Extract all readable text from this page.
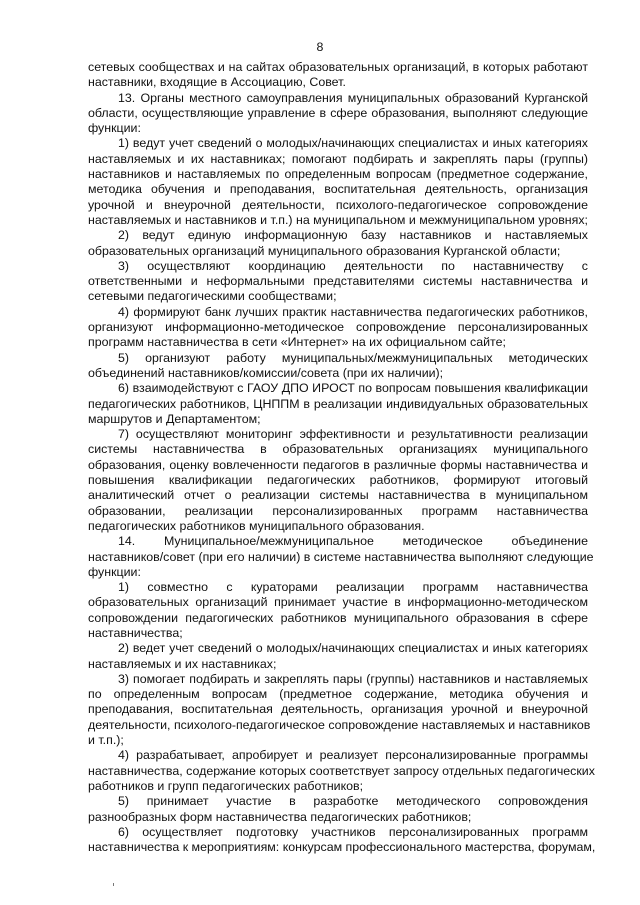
8
сетевых сообществах и на сайтах образовательных организаций, в которых работают
наставники, входящие в Ассоциацию, Совет.
13. Органы местного самоуправления муниципальных образований Курганской
области, осуществляющие управление в сфере образования, выполняют следующие
функции:
1) ведут учет сведений о молодых/начинающих специалистах и иных категориях
наставляемых и их наставниках; помогают подбирать и закреплять пары (группы)
наставников и наставляемых по определенным вопросам (предметное содержание,
методика обучения и преподавания, воспитательная деятельность, организация
урочной и внеурочной деятельности, психолого-педагогическое сопровождение
наставляемых и наставников и т.п.) на муниципальном и межмуниципальном уровнях;
2) ведут единую информационную базу наставников и наставляемых
образовательных организаций муниципального образования Курганской области;
3) осуществляют координацию деятельности по наставничеству с
ответственными и неформальными представителями системы наставничества и
сетевыми педагогическими сообществами;
4) формируют банк лучших практик наставничества педагогических работников,
организуют информационно-методическое сопровождение персонализированных
программ наставничества в сети «Интернет» на их официальном сайте;
5) организуют работу муниципальных/межмуниципальных методических
объединений наставников/комиссии/совета (при их наличии);
6) взаимодействуют с ГАОУ ДПО ИРОСТ по вопросам повышения квалификации
педагогических работников, ЦНППМ в реализации индивидуальных образовательных
маршрутов и Департаментом;
7) осуществляют мониторинг эффективности и результативности реализации
системы наставничества в образовательных организациях муниципального
образования, оценку вовлеченности педагогов в различные формы наставничества и
повышения квалификации педагогических работников, формируют итоговый
аналитический отчет о реализации системы наставничества в муниципальном
образовании, реализации персонализированных программ наставничества
педагогических работников муниципального образования.
14. Муниципальное/межмуниципальное методическое объединение
наставников/совет (при его наличии) в системе наставничества выполняют следующие
функции:
1) совместно с кураторами реализации программ наставничества
образовательных организаций принимает участие в информационно-методическом
сопровождении педагогических работников муниципального образования в сфере
наставничества;
2) ведет учет сведений о молодых/начинающих специалистах и иных категориях
наставляемых и их наставниках;
3) помогает подбирать и закреплять пары (группы) наставников и наставляемых
по определенным вопросам (предметное содержание, методика обучения и
преподавания, воспитательная деятельность, организация урочной и внеурочной
деятельности, психолого-педагогическое сопровождение наставляемых и наставников
и т.п.);
4) разрабатывает, апробирует и реализует персонализированные программы
наставничества, содержание которых соответствует запросу отдельных педагогических
работников и групп педагогических работников;
5) принимает участие в разработке методического сопровождения
разнообразных форм наставничества педагогических работников;
6) осуществляет подготовку участников персонализированных программ
наставничества к мероприятиям: конкурсам профессионального мастерства, форумам,
